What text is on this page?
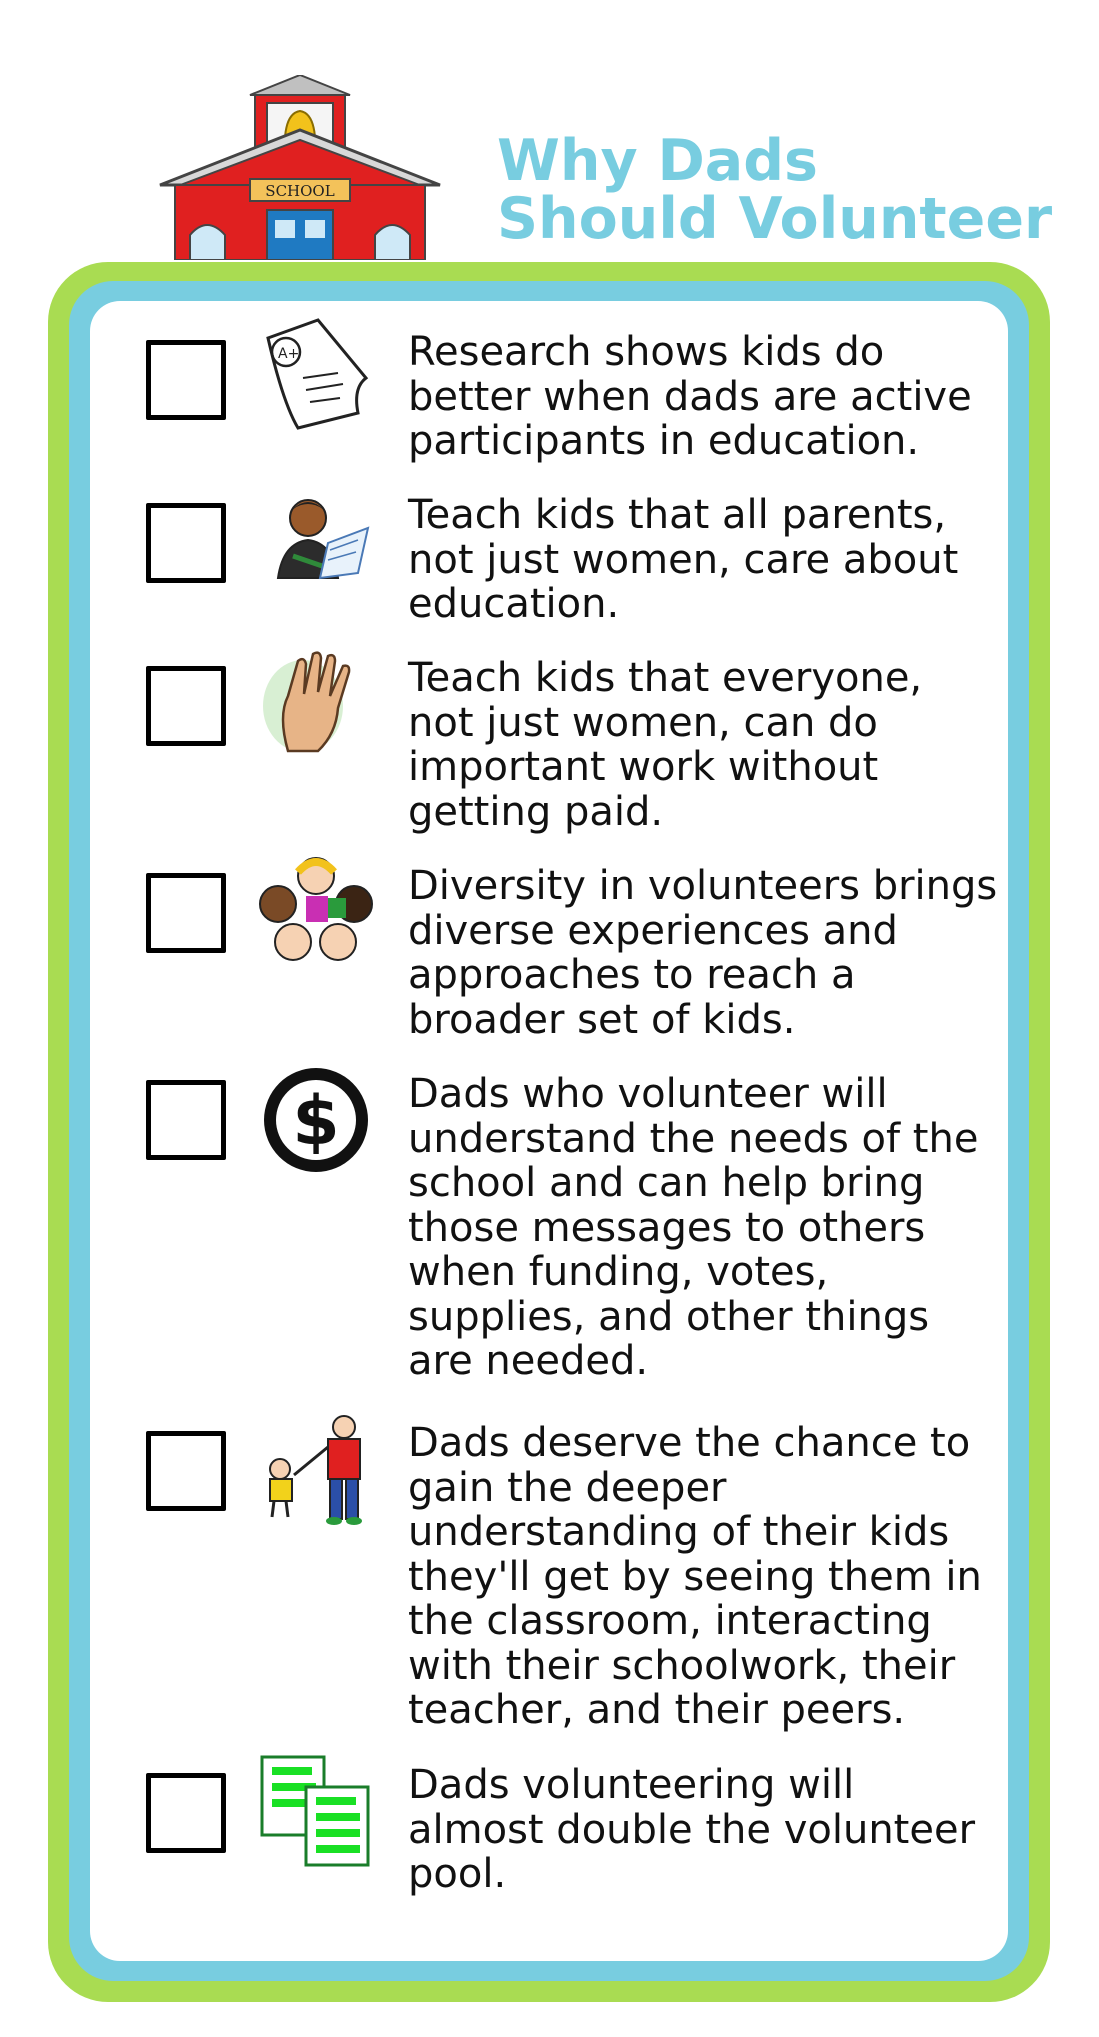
SCHOOL	Why Dads Should Volunteer
A+	Research shows kids do
better when dads are active
participants in education.
Teach kids that all parents,
not just women, care about
education.
Teach kids that everyone,
not just women, can do
important work without
getting paid.
Diversity in volunteers brings
diverse experiences and
approaches to reach a
broader set of kids.
$ Dads who volunteer will
understand the needs of the
school and can help bring
those messages to others
when funding, votes,
supplies, and other things
are needed.
Dads deserve the chance to
gain the deeper
understanding of their kids
they'll get by seeing them in
the classroom, interacting
with their schoolwork, their
teacher, and their peers.
Dads volunteering will
almost double the volunteer
pool.
